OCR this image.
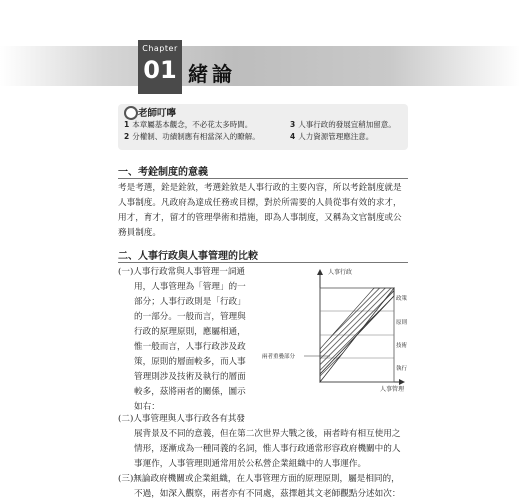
Chapter
01 緒論
老師叮嚀
1 本章屬基本觀念，不必花太多時間。
2 分權制、功績制應有相當深入的瞭解。
3 人事行政的發展宜稍加留意。
4 人力資源管理應注意。
一、考銓制度的意義
考是考選，銓是銓敘，考選銓敘是人事行政的主要內容，所以考銓制度就是
人事制度。凡政府為達成任務或目標，對於所需要的人員從事有效的求才，
用才，育才，留才的管理學術和措施，即為人事制度，又稱為文官制度或公
務員制度。
二、人事行政與人事管理的比較
(一)人事行政常與人事管理一詞通
用，人事管理為「管理」的一
部分；人事行政則是「行政」
的一部分。一般而言，管理與
行政的原理原則，應屬相通，
惟一般而言，人事行政涉及政
策，原則的層面較多，而人事
管理則涉及技術及執行的層面
較多，茲將兩者的關係，圖示
如右：
(二)人事管理與人事行政各有其發
展背景及不同的意義，但在第二次世界大戰之後，兩者時有相互使用之
情形，逐漸成為一種同義的名詞，惟人事行政通常形容政府機關中的人
事運作，人事管理則通常用於公私營企業組織中的人事運作。
(三)無論政府機關或企業組織，在人事管理方面的原理原則，屬是相同的，
不過，如深入觀察，兩者亦有不同處，茲擇趙其文老師觀點分述如次：
人事行政
人事管理
兩者重疊部分
政策
原則
技術
執行
